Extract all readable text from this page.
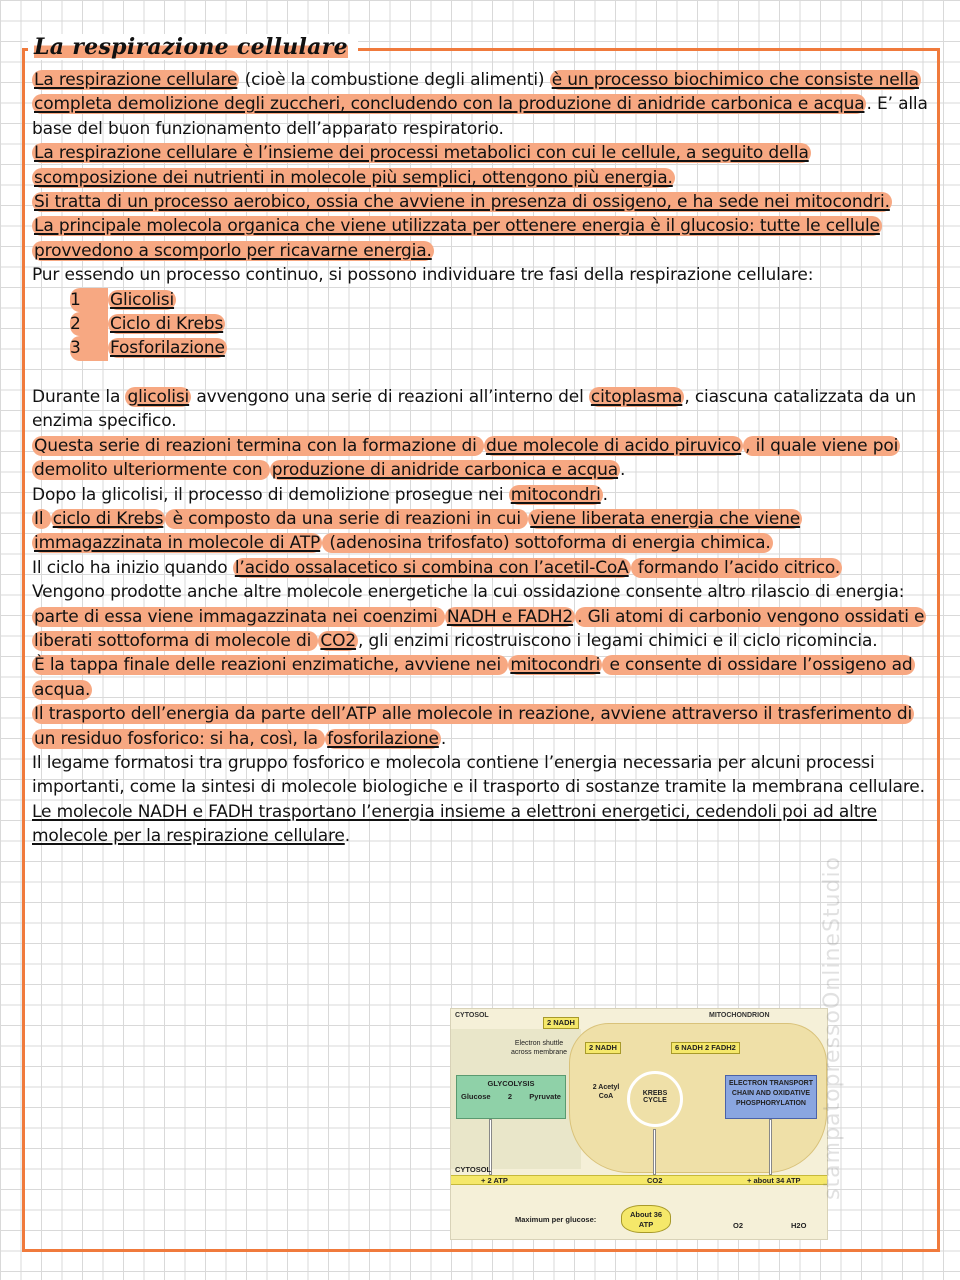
La respirazione cellulare
La respirazione cellulare (cioè la combustione degli alimenti) è un processo biochimico che consiste nella completa demolizione degli zuccheri, concludendo con la produzione di anidride carbonica e acqua . E’ alla base del buon funzionamento dell’apparato respiratorio.
La respirazione cellulare è l’insieme dei processi metabolici con cui le cellule, a seguito della scomposizione dei nutrienti in molecole più semplici, ottengono più energia.
Si tratta di un processo aerobico, ossia che avviene in presenza di ossigeno, e ha sede nei mitocondri.
La principale molecola organica che viene utilizzata per ottenere energia è il glucosio: tutte le cellule provvedono a scomporlo per ricavarne energia.
Pur essendo un processo continuo, si possono individuare tre fasi della respirazione cellulare:
1 Glicolisi
2 Ciclo di Krebs
3 Fosforilazione
Durante la glicolisi avvengono una serie di reazioni all’interno del citoplasma , ciascuna catalizzata da un enzima specifico.
Questa serie di reazioni termina con la formazione di due molecole di acido piruvico , il quale viene poi demolito ulteriormente con produzione di anidride carbonica e acqua .
Dopo la glicolisi, il processo di demolizione prosegue nei mitocondri .
Il ciclo di Krebs è composto da una serie di reazioni in cui viene liberata energia che viene immagazzinata in molecole di ATP (adenosina trifosfato) sottoforma di energia chimica.
Il ciclo ha inizio quando l’acido ossalacetico si combina con l’acetil-CoA formando l’acido citrico.
Vengono prodotte anche altre molecole energetiche la cui ossidazione consente altro rilascio di energia: parte di essa viene immagazzinata nei coenzimi NADH e FADH2 . Gli atomi di carbonio vengono ossidati e liberati sottoforma di molecole di CO2 , gli enzimi ricostruiscono i legami chimici e il ciclo ricomincia.
È la tappa finale delle reazioni enzimatiche, avviene nei mitocondri e consente di ossidare l’ossigeno ad acqua.
Il trasporto dell’energia da parte dell’ATP alle molecole in reazione, avviene attraverso il trasferimento di un residuo fosforico: si ha, così, la fosforilazione .
Il legame formatosi tra gruppo fosforico e molecola contiene l’energia necessaria per alcuni processi importanti, come la sintesi di molecole biologiche e il trasporto di sostanze tramite la membrana cellulare.
Le molecole NADH e FADH trasportano l’energia insieme a elettroni energetici, cedendoli poi ad altre molecole per la respirazione cellulare.
CYTOSOL	MITOCHONDRION
2 NADH
Electron shuttle across membrane
2 NADH	6 NADH 2 FADH2
GLYCOLYSIS
Glucose 2 Pyruvate
2 Acetyl CoA	KREBS CYCLE
ELECTRON TRANSPORT CHAIN AND OXIDATIVE PHOSPHORYLATION
CYTOSOL
+ 2 ATP	CO2	+ about 34 ATP
Maximum per glucose:
About 36 ATP	O2	H2O
stampatopressoOnlineStudio
